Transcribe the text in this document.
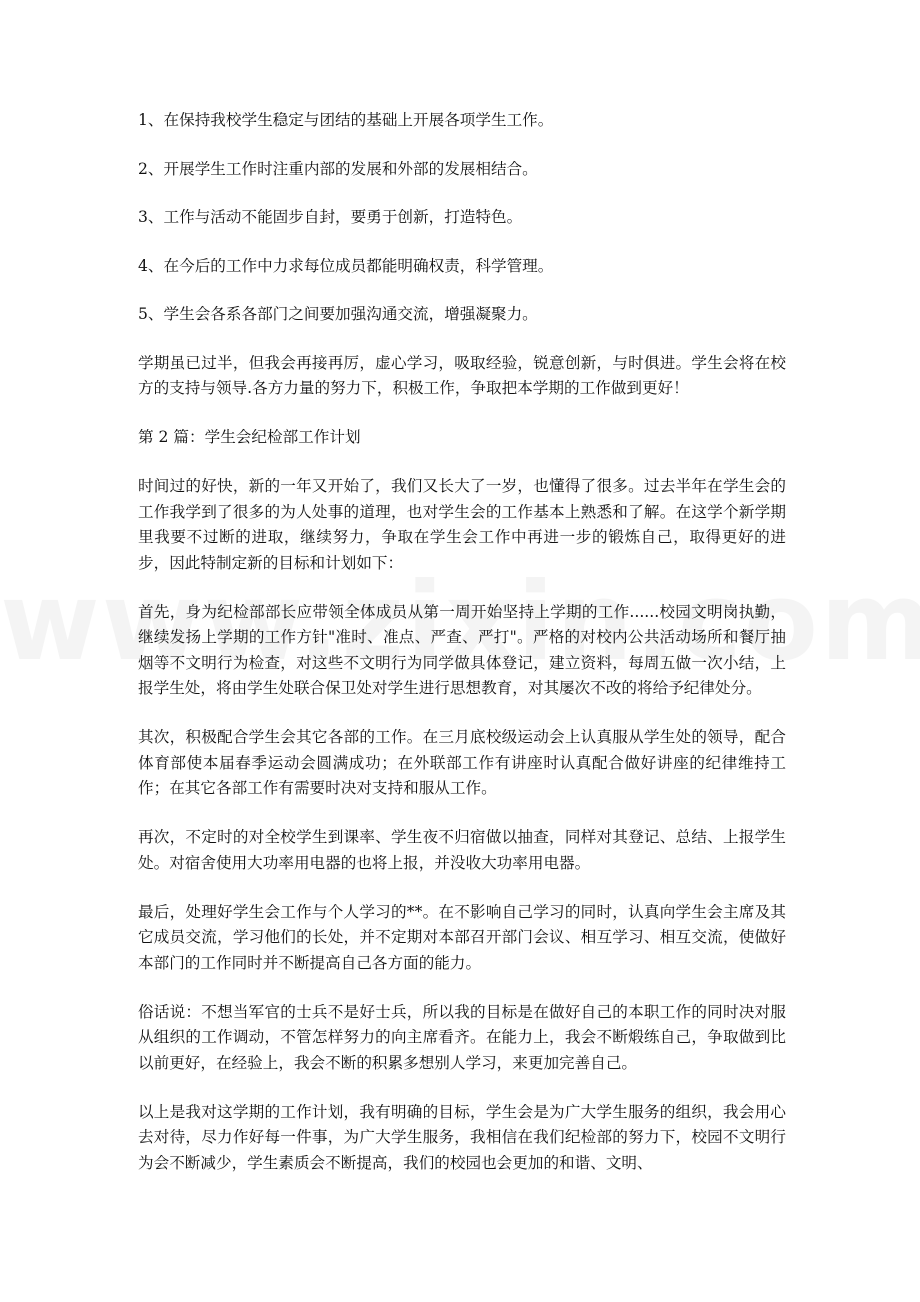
1、在保持我校学生稳定与团结的基础上开展各项学生工作。

2、开展学生工作时注重内部的发展和外部的发展相结合。

3、工作与活动不能固步自封，要勇于创新，打造特色。

4、在今后的工作中力求每位成员都能明确权责，科学管理。

5、学生会各系各部门之间要加强沟通交流，增强凝聚力。

学期虽已过半，但我会再接再厉，虚心学习，吸取经验，锐意创新，与时俱进。学生会将在校方的支持与领导.各方力量的努力下，积极工作，争取把本学期的工作做到更好！

第 2 篇：学生会纪检部工作计划

时间过的好快，新的一年又开始了，我们又长大了一岁，也懂得了很多。过去半年在学生会的工作我学到了很多的为人处事的道理，也对学生会的工作基本上熟悉和了解。在这学个新学期里我要不过断的进取，继续努力，争取在学生会工作中再进一步的锻炼自己，取得更好的进步，因此特制定新的目标和计划如下：

首先，身为纪检部部长应带领全体成员从第一周开始坚持上学期的工作......校园文明岗执勤，继续发扬上学期的工作方针"准时、准点、严查、严打"。严格的对校内公共活动场所和餐厅抽烟等不文明行为检查，对这些不文明行为同学做具体登记，建立资料，每周五做一次小结，上报学生处，将由学生处联合保卫处对学生进行思想教育，对其屡次不改的将给予纪律处分。

其次，积极配合学生会其它各部的工作。在三月底校级运动会上认真服从学生处的领导，配合体育部使本届春季运动会圆满成功；在外联部工作有讲座时认真配合做好讲座的纪律维持工作；在其它各部工作有需要时决对支持和服从工作。

再次，不定时的对全校学生到课率、学生夜不归宿做以抽查，同样对其登记、总结、上报学生处。对宿舍使用大功率用电器的也将上报，并没收大功率用电器。

最后，处理好学生会工作与个人学习的**。在不影响自己学习的同时，认真向学生会主席及其它成员交流，学习他们的长处，并不定期对本部召开部门会议、相互学习、相互交流，使做好本部门的工作同时并不断提高自己各方面的能力。

俗话说：不想当军官的士兵不是好士兵，所以我的目标是在做好自己的本职工作的同时决对服从组织的工作调动，不管怎样努力的向主席看齐。在能力上，我会不断煅练自己，争取做到比以前更好，在经验上，我会不断的积累多想别人学习，来更加完善自己。

以上是我对这学期的工作计划，我有明确的目标，学生会是为广大学生服务的组织，我会用心去对待，尽力作好每一件事，为广大学生服务，我相信在我们纪检部的努力下，校园不文明行为会不断减少，学生素质会不断提高，我们的校园也会更加的和谐、文明、
